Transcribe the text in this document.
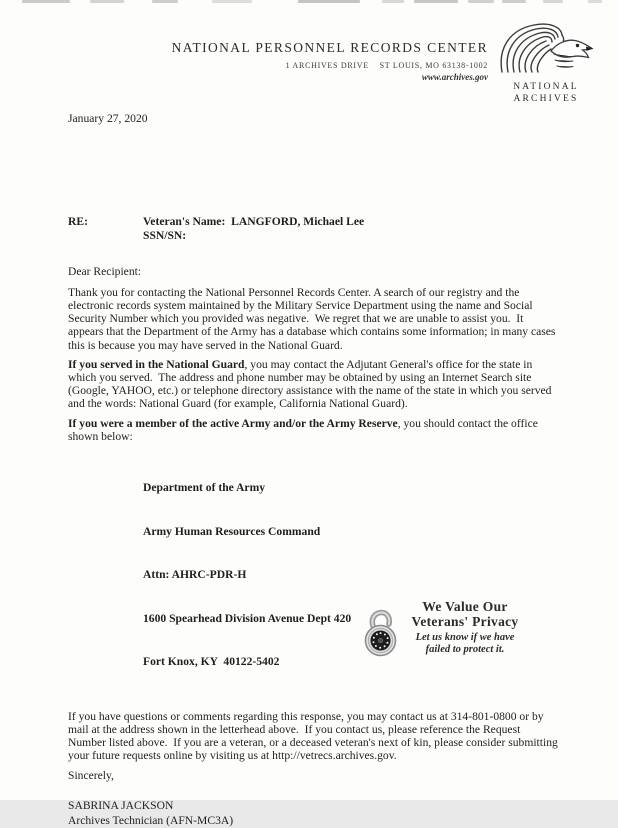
NATIONAL PERSONNEL RECORDS CENTER
1 ARCHIVES DRIVE    ST LOUIS, MO 63138-1002
www.archives.gov
NATIONAL
ARCHIVES

January 27, 2020

RE:	Veteran's Name: LANGFORD, Michael Lee
SSN/SN:

Dear Recipient:

Thank you for contacting the National Personnel Records Center. A search of our registry and the electronic records system maintained by the Military Service Department using the name and Social Security Number which you provided was negative.  We regret that we are unable to assist you.  It appears that the Department of the Army has a database which contains some information; in many cases this is because you may have served in the National Guard.

If you served in the National Guard, you may contact the Adjutant General's office for the state in which you served.  The address and phone number may be obtained by using an Internet Search site (Google, YAHOO, etc.) or telephone directory assistance with the name of the state in which you served and the words: National Guard (for example, California National Guard).

If you were a member of the active Army and/or the Army Reserve, you should contact the office shown below:

Department of the Army

Army Human Resources Command

Attn: AHRC-PDR-H

1600 Spearhead Division Avenue Dept 420

Fort Knox, KY  40122-5402

If you have questions or comments regarding this response, you may contact us at 314-801-0800 or by mail at the address shown in the letterhead above.  If you contact us, please reference the Request Number listed above.  If you are a veteran, or a deceased veteran's next of kin, please consider submitting your future requests online by visiting us at http://vetrecs.archives.gov.

Sincerely,

SABRINA JACKSON
Archives Technician (AFN-MC3A)
We Value Our
Veterans' Privacy
Let us know if we have
failed to protect it.
